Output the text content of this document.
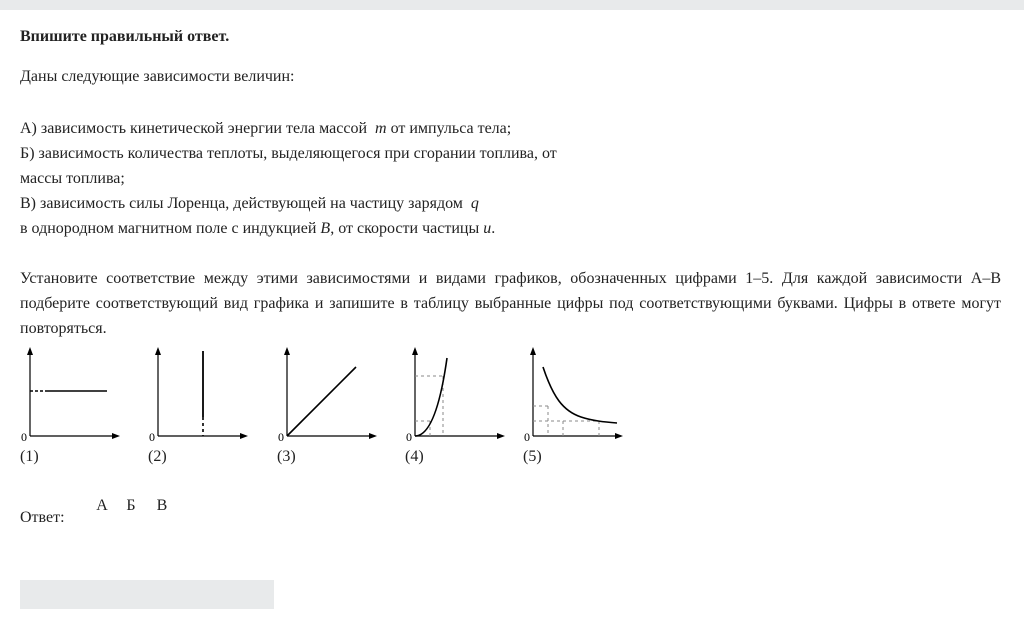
Впишите правильный ответ.

Даны следующие зависимости величин:

А) зависимость кинетической энергии тела массой m от импульса тела;

Б) зависимость количества теплоты, выделяющегося при сгорании топлива, от

массы топлива;

В) зависимость силы Лоренца, действующей на частицу зарядом q

в однородном магнитном поле с индукцией B, от скорости частицы u.

Установите соответствие между этими зависимостями и видами графиков, обозначенных цифрами 1–5. Для каждой зависимости А–В подберите соответствующий вид графика и запишите в таблицу выбранные цифры под соответствующими буквами. Цифры в ответе могут повторяться.

0
(1)
0
(2)
0
(3)
0
(4)
0
(5)
Ответ:
А	Б	В
